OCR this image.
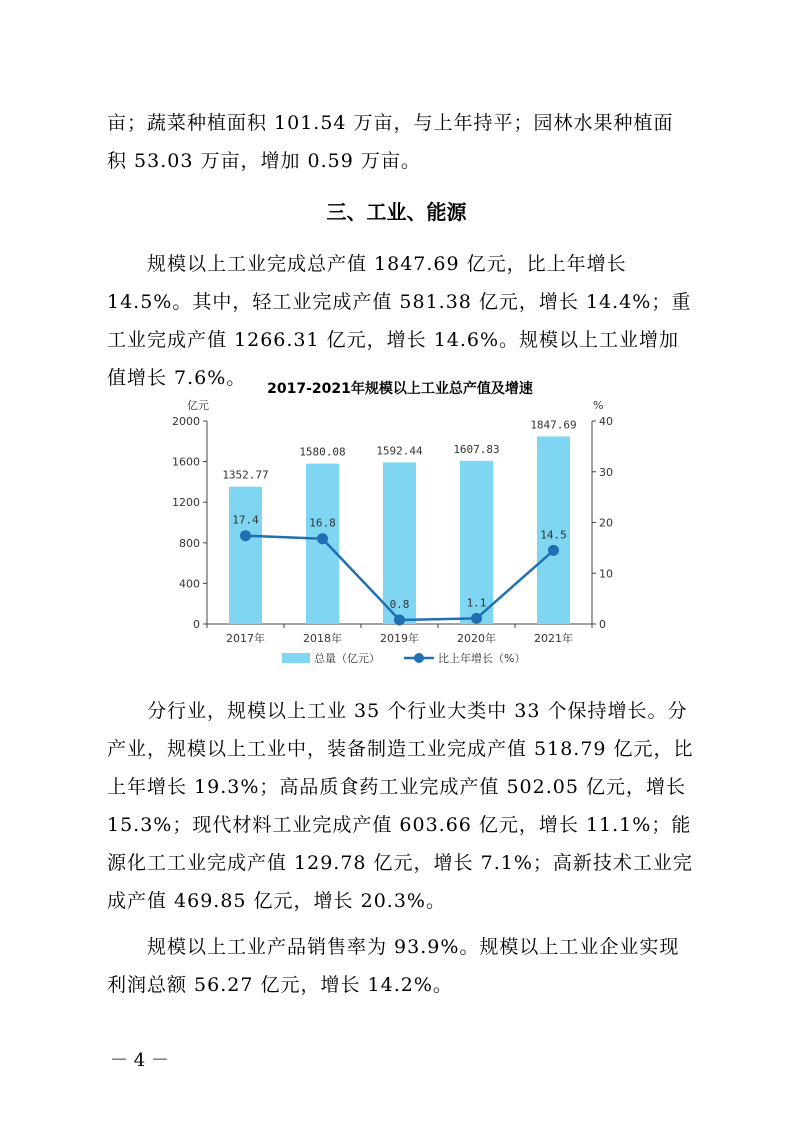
亩；蔬菜种植面积 101.54 万亩，与上年持平；园林水果种植面

积 53.03 万亩，增加 0.59 万亩。

三、工业、能源

规模以上工业完成总产值 1847.69 亿元，比上年增长 14.5%。其中，轻工业完成产值 581.38 亿元，增长 14.4%；重工业完成产值 1266.31 亿元，增长 14.6%。规模以上工业增加值增长 7.6%。	2017-2021年规模以上工业总产值及增速

0
400
800
1200
1600
2000
0
10
20
30
40
亿元	%
2017年	2018年	2019年	2020年	2021年
1352.77
1580.08	1592.44	1607.83
1847.69
17.4	16.8
0.8	1.1
14.5
总量（亿元）	比上年增长（%）

分行业，规模以上工业 35 个行业大类中 33 个保持增长。分产业，规模以上工业中，装备制造工业完成产值 518.79 亿元，比上年增长 19.3%；高品质食药工业完成产值 502.05 亿元，增长 15.3%；现代材料工业完成产值 603.66 亿元，增长 11.1%；能源化工工业完成产值 129.78 亿元，增长 7.1%；高新技术工业完成产值 469.85 亿元，增长 20.3%。

规模以上工业产品销售率为 93.9%。规模以上工业企业实现利润总额 56.27 亿元，增长 14.2%。

－ 4 －
